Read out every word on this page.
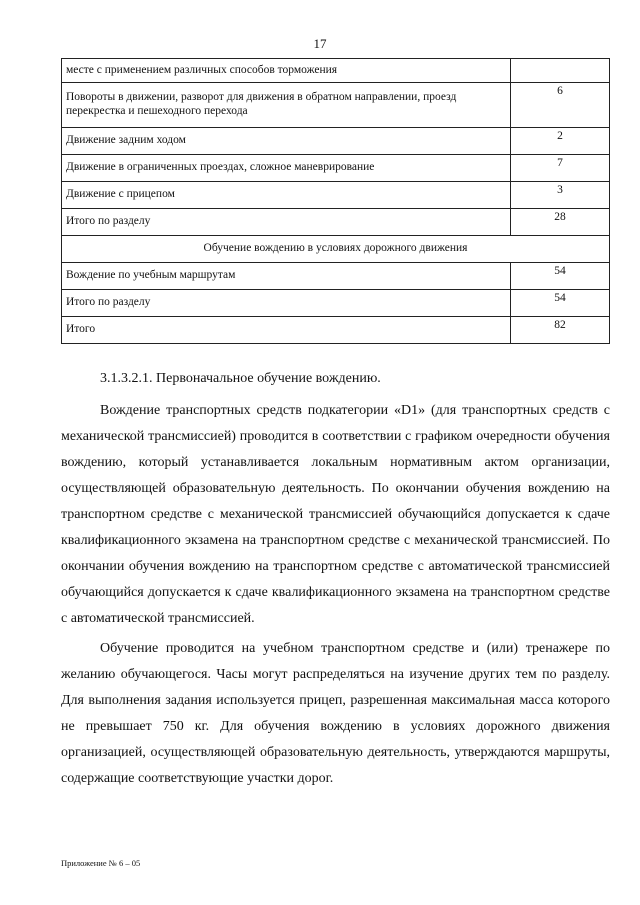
17
месте с применением различных способов торможения	
Повороты в движении, разворот для движения в обратном направлении, проезд перекрестка и пешеходного перехода	6
Движение задним ходом	2
Движение в ограниченных проездах, сложное маневрирование	7
Движение с прицепом	3
Итого по разделу	28
Обучение вождению в условиях дорожного движения	
Вождение по учебным маршрутам	54
Итого по разделу	54
Итого	82

3.1.3.2.1. Первоначальное обучение вождению.

Вождение транспортных средств подкатегории «D1» (для транспортных средств с механической трансмиссией) проводится в соответствии с графиком очередности обучения вождению, который устанавливается локальным нормативным актом организации, осуществляющей образовательную деятельность. По окончании обучения вождению на транспортном средстве с механической трансмиссией обучающийся допускается к сдаче квалификационного экзамена на транспортном средстве с механической трансмиссией. По окончании обучения вождению на транспортном средстве с автоматической трансмиссией обучающийся допускается к сдаче квалификационного экзамена на транспортном средстве с автоматической трансмиссией.

Обучение проводится на учебном транспортном средстве и (или) тренажере по желанию обучающегося. Часы могут распределяться на изучение других тем по разделу. Для выполнения задания используется прицеп, разрешенная максимальная масса которого не превышает 750 кг. Для обучения вождению в условиях дорожного движения организацией, осуществляющей образовательную деятельность, утверждаются маршруты, содержащие соответствующие участки дорог.

Приложение № 6 – 05
